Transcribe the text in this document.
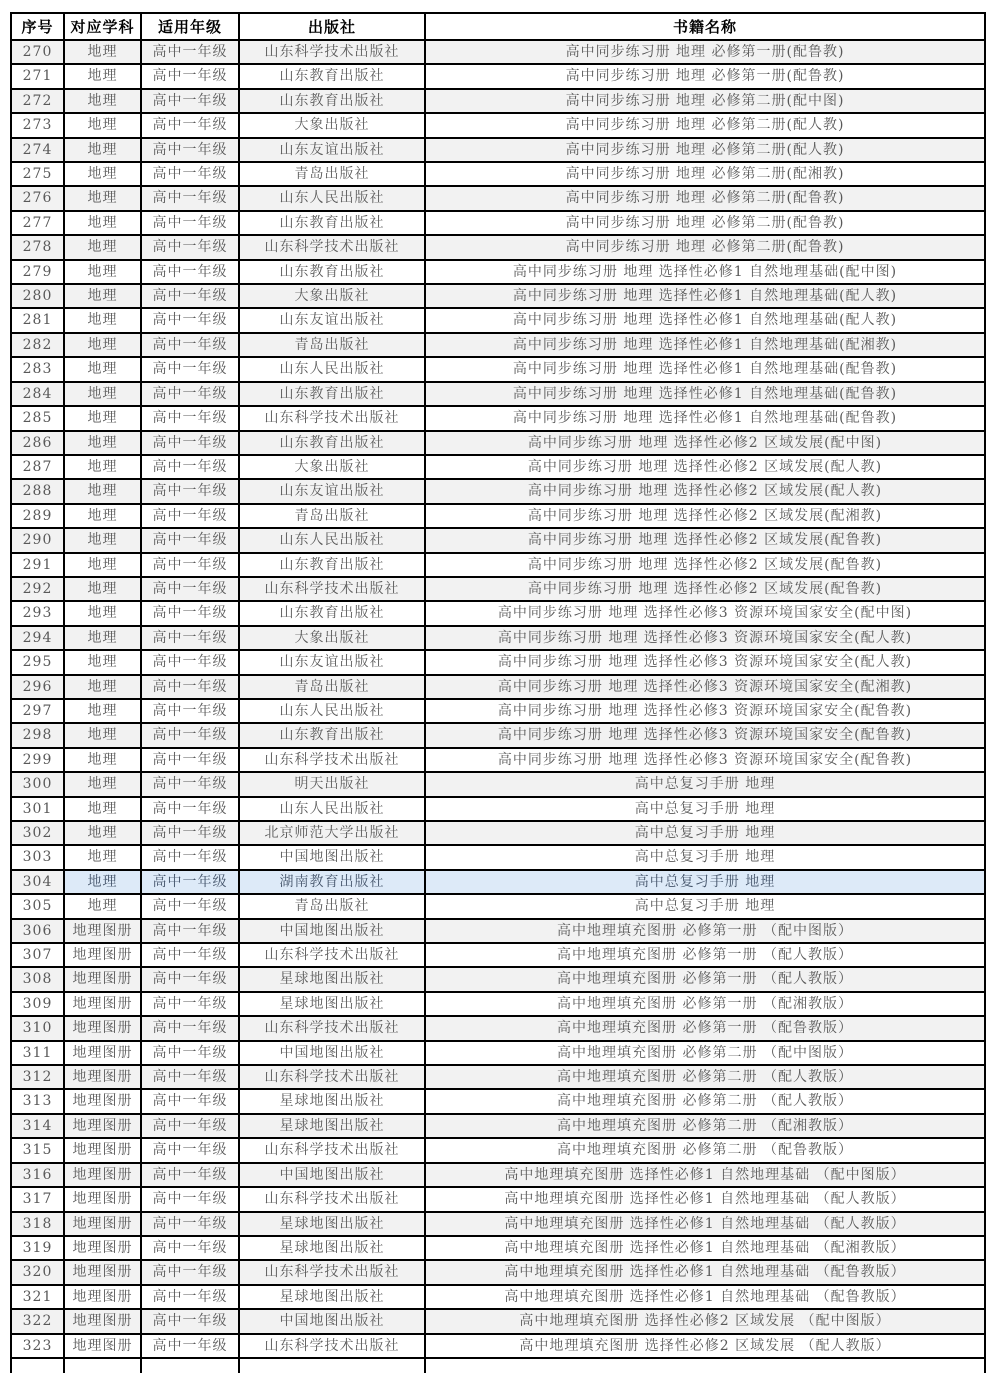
序号	对应学科	适用年级	出版社	书籍名称
270	地理	高中一年级	山东科学技术出版社	高中同步练习册 地理 必修第一册(配鲁教)
271	地理	高中一年级	山东教育出版社	高中同步练习册 地理 必修第一册(配鲁教)
272	地理	高中一年级	山东教育出版社	高中同步练习册 地理 必修第二册(配中图)
273	地理	高中一年级	大象出版社	高中同步练习册 地理 必修第二册(配人教)
274	地理	高中一年级	山东友谊出版社	高中同步练习册 地理 必修第二册(配人教)
275	地理	高中一年级	青岛出版社	高中同步练习册 地理 必修第二册(配湘教)
276	地理	高中一年级	山东人民出版社	高中同步练习册 地理 必修第二册(配鲁教)
277	地理	高中一年级	山东教育出版社	高中同步练习册 地理 必修第二册(配鲁教)
278	地理	高中一年级	山东科学技术出版社	高中同步练习册 地理 必修第二册(配鲁教)
279	地理	高中一年级	山东教育出版社	高中同步练习册 地理 选择性必修1 自然地理基础(配中图)
280	地理	高中一年级	大象出版社	高中同步练习册 地理 选择性必修1 自然地理基础(配人教)
281	地理	高中一年级	山东友谊出版社	高中同步练习册 地理 选择性必修1 自然地理基础(配人教)
282	地理	高中一年级	青岛出版社	高中同步练习册 地理 选择性必修1 自然地理基础(配湘教)
283	地理	高中一年级	山东人民出版社	高中同步练习册 地理 选择性必修1 自然地理基础(配鲁教)
284	地理	高中一年级	山东教育出版社	高中同步练习册 地理 选择性必修1 自然地理基础(配鲁教)
285	地理	高中一年级	山东科学技术出版社	高中同步练习册 地理 选择性必修1 自然地理基础(配鲁教)
286	地理	高中一年级	山东教育出版社	高中同步练习册 地理 选择性必修2 区域发展(配中图)
287	地理	高中一年级	大象出版社	高中同步练习册 地理 选择性必修2 区域发展(配人教)
288	地理	高中一年级	山东友谊出版社	高中同步练习册 地理 选择性必修2 区域发展(配人教)
289	地理	高中一年级	青岛出版社	高中同步练习册 地理 选择性必修2 区域发展(配湘教)
290	地理	高中一年级	山东人民出版社	高中同步练习册 地理 选择性必修2 区域发展(配鲁教)
291	地理	高中一年级	山东教育出版社	高中同步练习册 地理 选择性必修2 区域发展(配鲁教)
292	地理	高中一年级	山东科学技术出版社	高中同步练习册 地理 选择性必修2 区域发展(配鲁教)
293	地理	高中一年级	山东教育出版社	高中同步练习册 地理 选择性必修3 资源环境国家安全(配中图)
294	地理	高中一年级	大象出版社	高中同步练习册 地理 选择性必修3 资源环境国家安全(配人教)
295	地理	高中一年级	山东友谊出版社	高中同步练习册 地理 选择性必修3 资源环境国家安全(配人教)
296	地理	高中一年级	青岛出版社	高中同步练习册 地理 选择性必修3 资源环境国家安全(配湘教)
297	地理	高中一年级	山东人民出版社	高中同步练习册 地理 选择性必修3 资源环境国家安全(配鲁教)
298	地理	高中一年级	山东教育出版社	高中同步练习册 地理 选择性必修3 资源环境国家安全(配鲁教)
299	地理	高中一年级	山东科学技术出版社	高中同步练习册 地理 选择性必修3 资源环境国家安全(配鲁教)
300	地理	高中一年级	明天出版社	高中总复习手册 地理
301	地理	高中一年级	山东人民出版社	高中总复习手册 地理
302	地理	高中一年级	北京师范大学出版社	高中总复习手册 地理
303	地理	高中一年级	中国地图出版社	高中总复习手册 地理
304	地理	高中一年级	湖南教育出版社	高中总复习手册 地理
305	地理	高中一年级	青岛出版社	高中总复习手册 地理
306	地理图册	高中一年级	中国地图出版社	高中地理填充图册 必修第一册 （配中图版）
307	地理图册	高中一年级	山东科学技术出版社	高中地理填充图册 必修第一册 （配人教版）
308	地理图册	高中一年级	星球地图出版社	高中地理填充图册 必修第一册 （配人教版）
309	地理图册	高中一年级	星球地图出版社	高中地理填充图册 必修第一册 （配湘教版）
310	地理图册	高中一年级	山东科学技术出版社	高中地理填充图册 必修第一册 （配鲁教版）
311	地理图册	高中一年级	中国地图出版社	高中地理填充图册 必修第二册 （配中图版）
312	地理图册	高中一年级	山东科学技术出版社	高中地理填充图册 必修第二册 （配人教版）
313	地理图册	高中一年级	星球地图出版社	高中地理填充图册 必修第二册 （配人教版）
314	地理图册	高中一年级	星球地图出版社	高中地理填充图册 必修第二册 （配湘教版）
315	地理图册	高中一年级	山东科学技术出版社	高中地理填充图册 必修第二册 （配鲁教版）
316	地理图册	高中一年级	中国地图出版社	高中地理填充图册 选择性必修1 自然地理基础 （配中图版）
317	地理图册	高中一年级	山东科学技术出版社	高中地理填充图册 选择性必修1 自然地理基础 （配人教版）
318	地理图册	高中一年级	星球地图出版社	高中地理填充图册 选择性必修1 自然地理基础 （配人教版）
319	地理图册	高中一年级	星球地图出版社	高中地理填充图册 选择性必修1 自然地理基础 （配湘教版）
320	地理图册	高中一年级	山东科学技术出版社	高中地理填充图册 选择性必修1 自然地理基础 （配鲁教版）
321	地理图册	高中一年级	星球地图出版社	高中地理填充图册 选择性必修1 自然地理基础 （配鲁教版）
322	地理图册	高中一年级	中国地图出版社	高中地理填充图册 选择性必修2 区域发展 （配中图版）
323	地理图册	高中一年级	山东科学技术出版社	高中地理填充图册 选择性必修2 区域发展 （配人教版）
